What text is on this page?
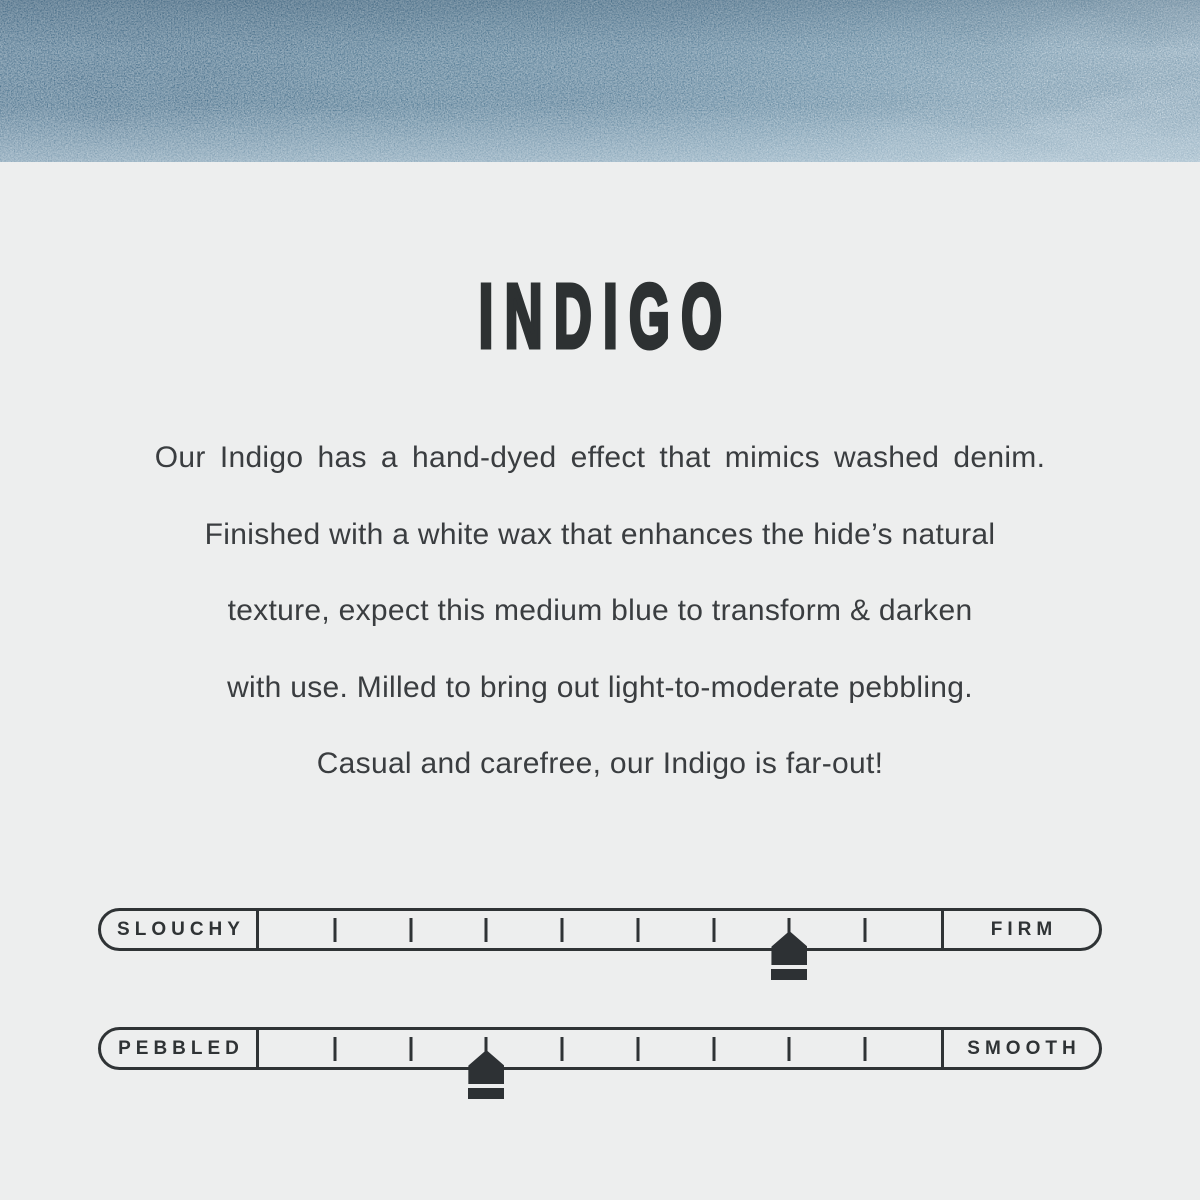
INDIGO

Our Indigo has a hand-dyed effect that mimics washed denim.

Finished with a white wax that enhances the hide’s natural

texture, expect this medium blue to transform & darken

with use. Milled to bring out light-to-moderate pebbling.

Casual and carefree, our Indigo is far-out!

SLOUCHY	FIRM
PEBBLED	SMOOTH
